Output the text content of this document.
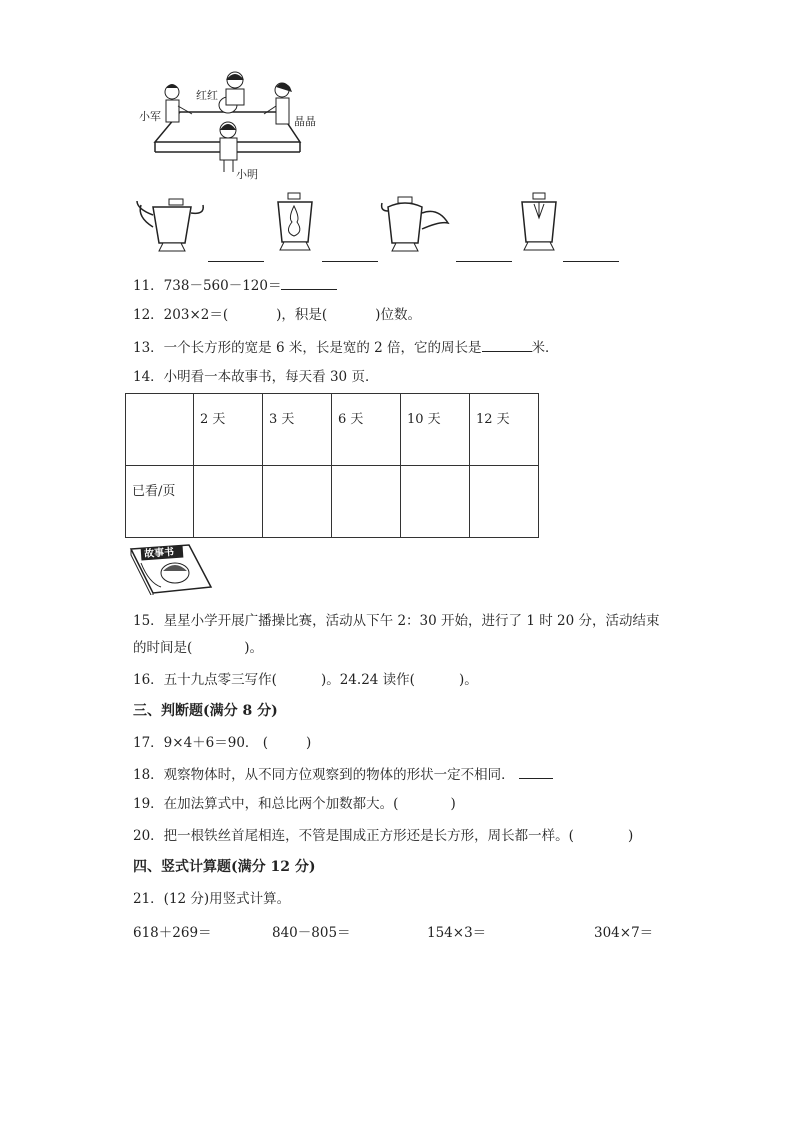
小军
红红
晶晶
小明
11．738－560－120＝
12．203×2＝(	)，积是(	)位数。
13．一个长方形的宽是 6 米，长是宽的 2 倍，它的周长是	米．
14．小明看一本故事书，每天看 30 页．
	2 天	3 天	6 天	10 天	12 天
已看/页					
故事书
15．星星小学开展广播操比赛，活动从下午 2：30 开始，进行了 1 时 20 分，活动结束
的时间是(	)。
16．五十九点零三写作(	)。24.24 读作(	)。
三、判断题(满分 8 分)
17．9×4＋6＝90． (	)
18．观察物体时，从不同方位观察到的物体的形状一定不相同．
19．在加法算式中，和总比两个加数都大。(	)
20．把一根铁丝首尾相连，不管是围成正方形还是长方形，周长都一样。(	)
四、竖式计算题(满分 12 分)
21．(12 分)用竖式计算。
618＋269＝	840－805＝	154×3＝	304×7＝
